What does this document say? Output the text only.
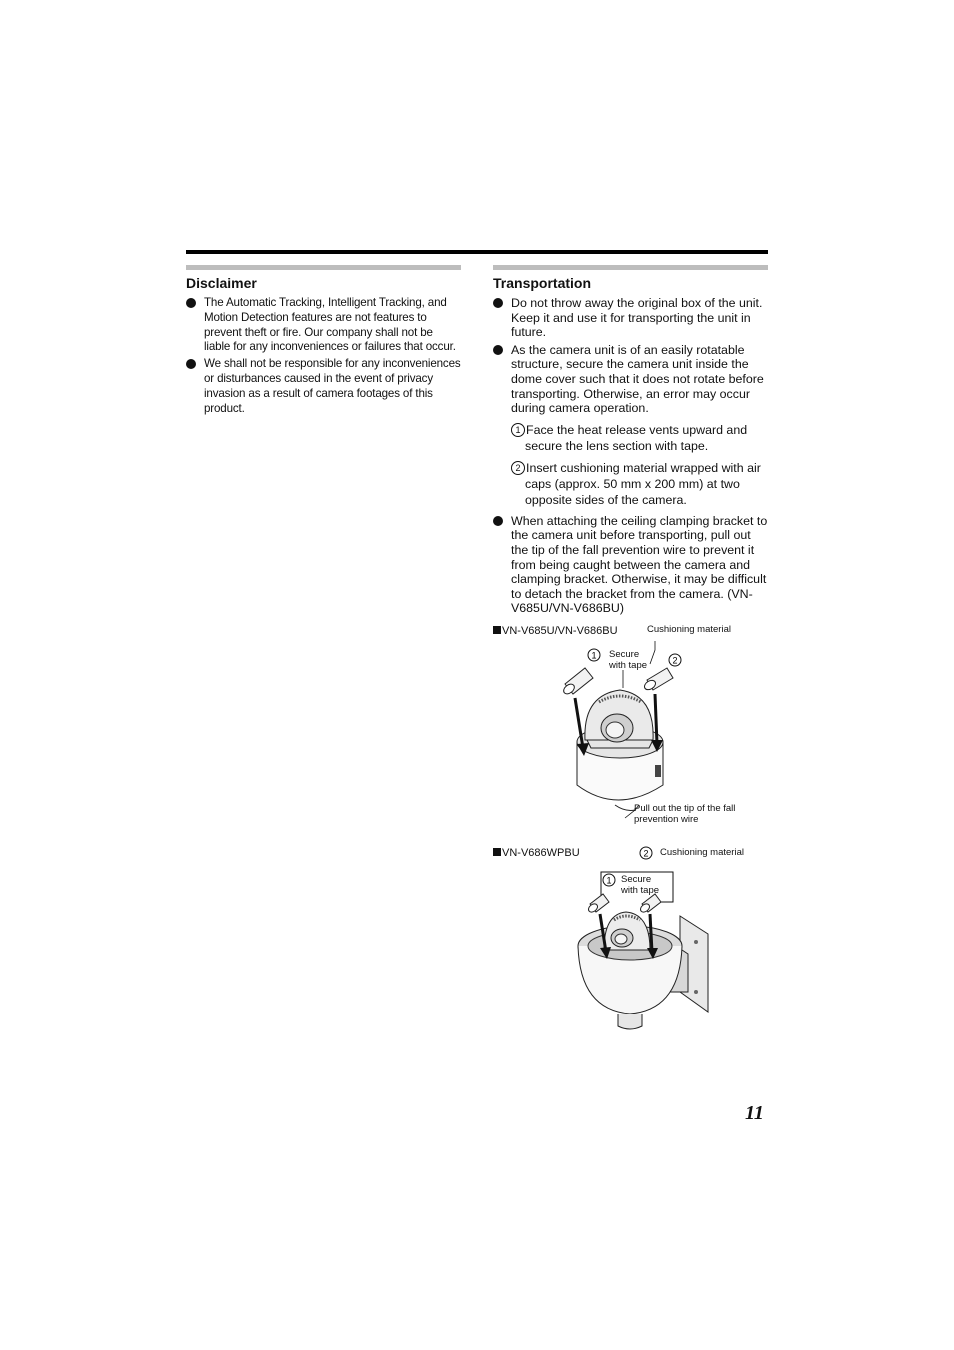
Disclaimer
The Automatic Tracking, Intelligent Tracking, and Motion Detection features are not features to prevent theft or fire. Our company shall not be liable for any inconveniences or failures that occur.
We shall not be responsible for any inconveniences or disturbances caused in the event of privacy invasion as a result of camera footages of this product.
Transportation
Do not throw away the original box of the unit. Keep it and use it for transporting the unit in future.
As the camera unit is of an easily rotatable structure, secure the camera unit inside the dome cover such that it does not rotate before transporting. Otherwise, an error may occur during camera operation.
1 Face the heat release vents upward and secure the lens section with tape.
2 Insert cushioning material wrapped with air caps (approx. 50 mm x 200 mm) at two opposite sides of the camera.
When attaching the ceiling clamping bracket to the camera unit before transporting, pull out the tip of the fall prevention wire to prevent it from being caught between the camera and clamping bracket. Otherwise, it may be difficult to detach the bracket from the camera. (VN-V685U/VN-V686BU)
VN-V685U/VN-V686BU	Cushioning material
Secure
with tape
Pull out the tip of the fall
prevention wire
1	2
VN-V686WPBU	Cushioning material
Secure
with tape
2
1
11
